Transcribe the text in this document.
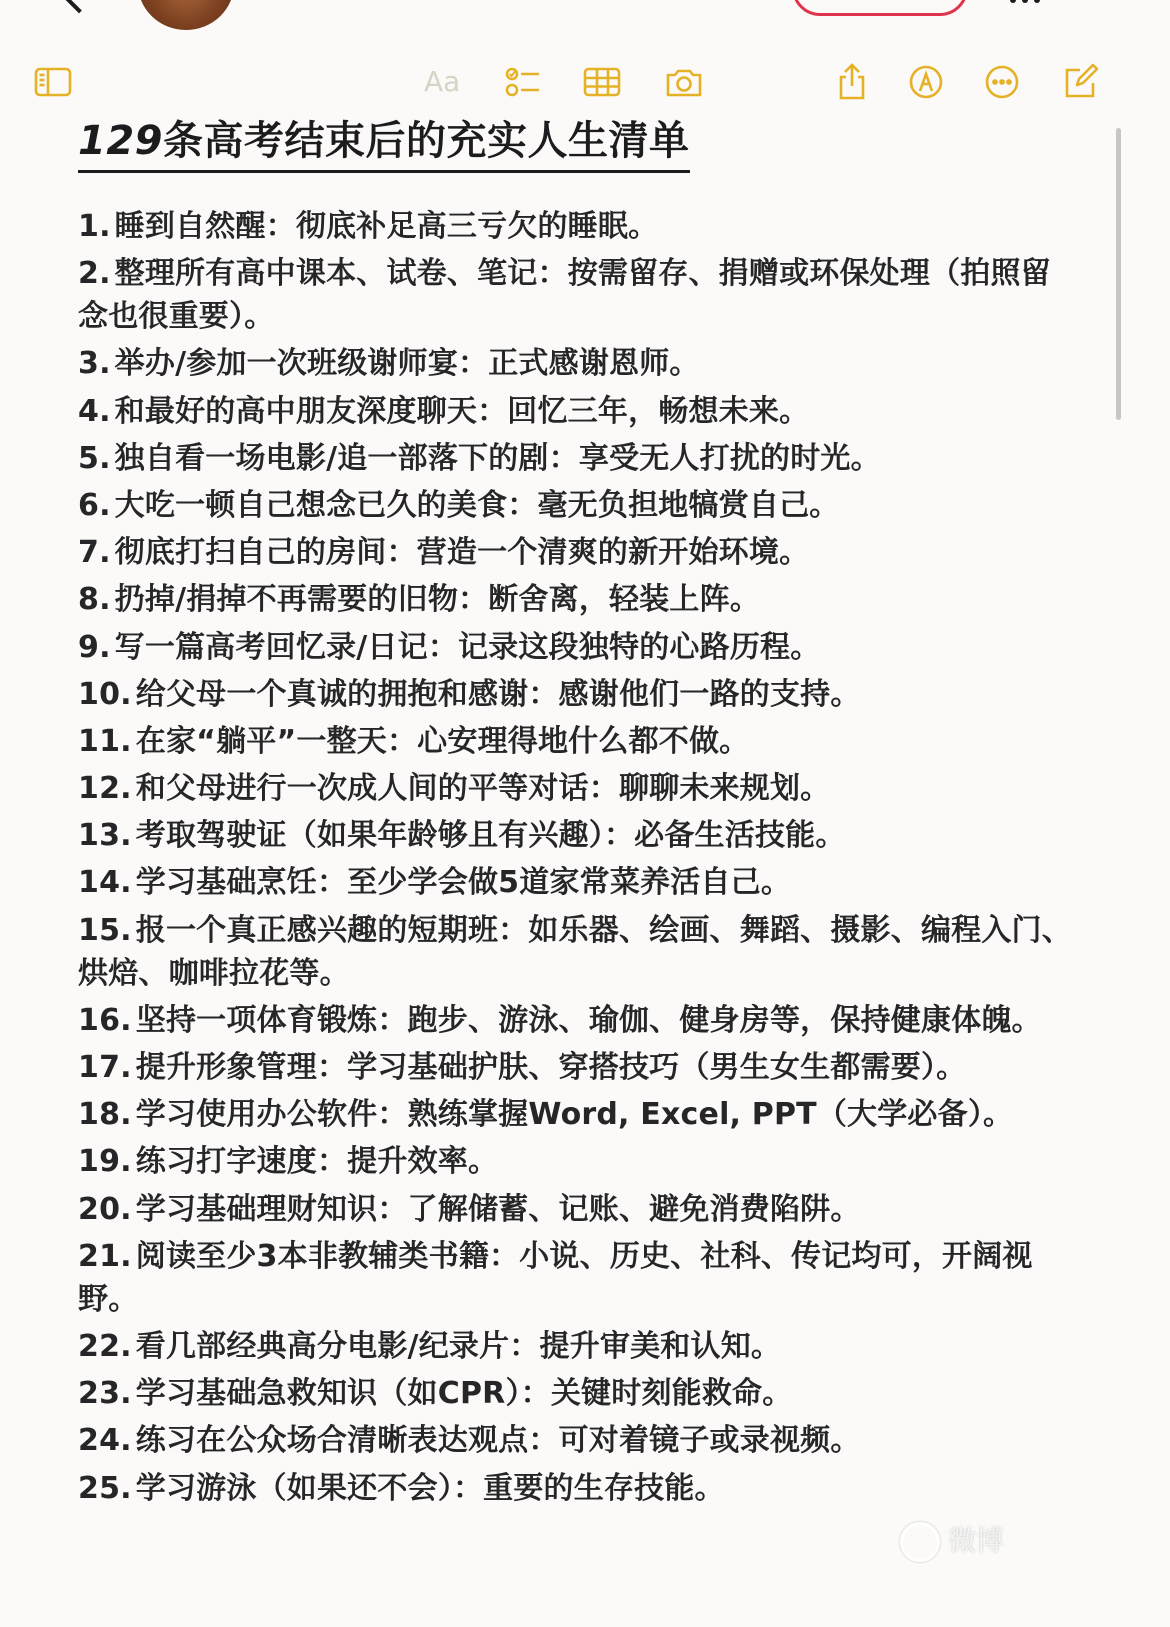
Aa
129条高考结束后的充实人生清单
1. 睡到自然醒：彻底补足高三亏欠的睡眠。
2. 整理所有高中课本、试卷、笔记：按需留存、捐赠或环保处理（拍照留念也很重要）。
3. 举办/参加一次班级谢师宴：正式感谢恩师。
4. 和最好的高中朋友深度聊天：回忆三年，畅想未来。
5. 独自看一场电影/追一部落下的剧：享受无人打扰的时光。
6. 大吃一顿自己想念已久的美食：毫无负担地犒赏自己。
7. 彻底打扫自己的房间：营造一个清爽的新开始环境。
8. 扔掉/捐掉不再需要的旧物：断舍离，轻装上阵。
9. 写一篇高考回忆录/日记：记录这段独特的心路历程。
10. 给父母一个真诚的拥抱和感谢：感谢他们一路的支持。
11. 在家“躺平”一整天：心安理得地什么都不做。
12. 和父母进行一次成人间的平等对话：聊聊未来规划。
13. 考取驾驶证（如果年龄够且有兴趣）：必备生活技能。
14. 学习基础烹饪：至少学会做5道家常菜养活自己。
15. 报一个真正感兴趣的短期班：如乐器、绘画、舞蹈、摄影、编程入门、烘焙、咖啡拉花等。
16. 坚持一项体育锻炼：跑步、游泳、瑜伽、健身房等，保持健康体魄。
17. 提升形象管理：学习基础护肤、穿搭技巧（男生女生都需要）。
18. 学习使用办公软件：熟练掌握Word, Excel, PPT（大学必备）。
19. 练习打字速度：提升效率。
20. 学习基础理财知识：了解储蓄、记账、避免消费陷阱。
21. 阅读至少3本非教辅类书籍：小说、历史、社科、传记均可，开阔视野。
22. 看几部经典高分电影/纪录片：提升审美和认知。
23. 学习基础急救知识（如CPR）：关键时刻能救命。
24. 练习在公众场合清晰表达观点：可对着镜子或录视频。
25. 学习游泳（如果还不会）：重要的生存技能。
微博
